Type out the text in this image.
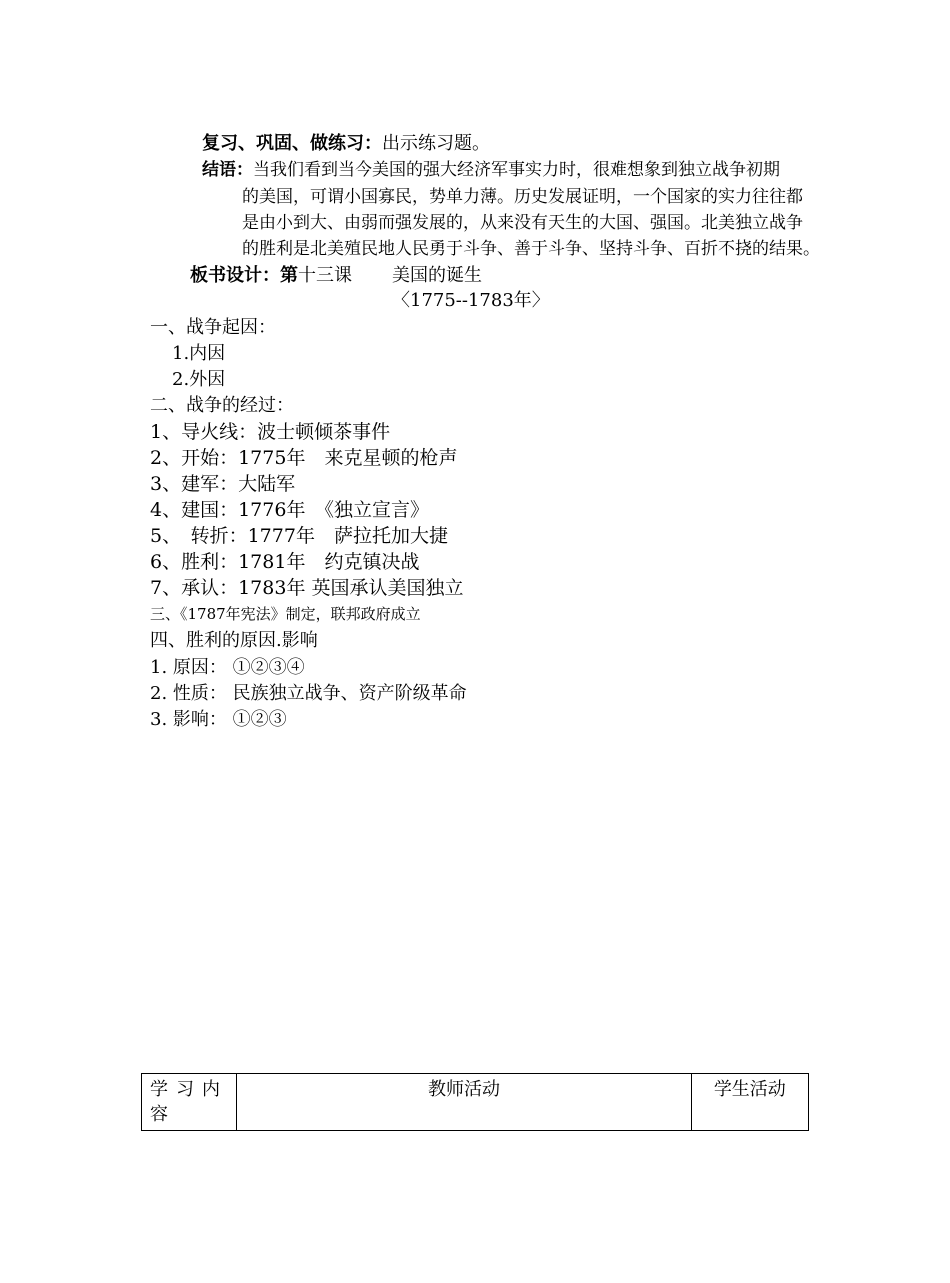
复习、巩固、做练习：出示练习题。
结语：当我们看到当今美国的强大经济军事实力时，很难想象到独立战争初期
的美国，可谓小国寡民，势单力薄。历史发展证明，一个国家的实力往往都
是由小到大、由弱而强发展的，从来没有天生的大国、强国。北美独立战争
的胜利是北美殖民地人民勇于斗争、善于斗争、坚持斗争、百折不挠的结果。
板书设计：第十三课 美国的诞生
〈1775--1783年〉
一、战争起因：
1.内因
2.外因
二、战争的经过：
1、导火线：波士顿倾茶事件
2、开始：1775年　来克星顿的枪声
3、建军：大陆军
4、建国：1776年　《独立宣言》
5、　转折：1777年　萨拉托加大捷
6、胜利：1781年　约克镇决战
7、承认：1783年 英国承认美国独立
三、《1787年宪法》制定，联邦政府成立
四、胜利的原因.影响
1. 原因： ①②③④
2. 性质： 民族独立战争、资产阶级革命
3. 影响： ①②③
学习内容	教师活动	学生活动
